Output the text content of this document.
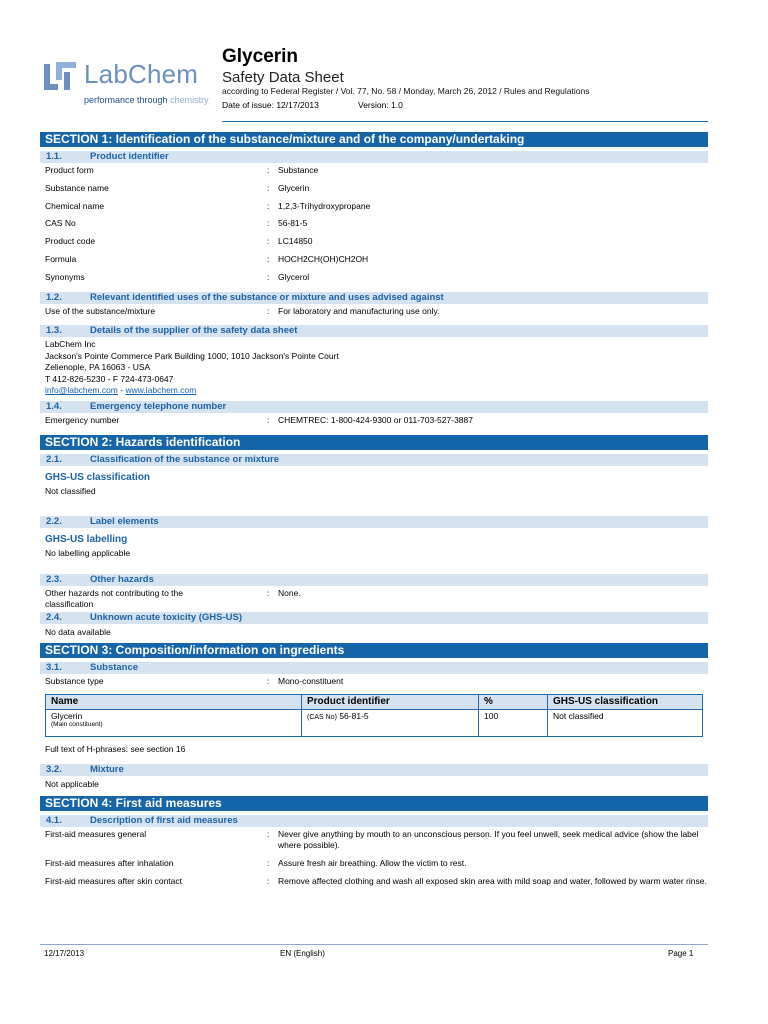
LabChem
performance through chemistry
Glycerin
Safety Data Sheet
according to Federal Register / Vol. 77, No. 58 / Monday, March 26, 2012 / Rules and Regulations
Date of issue: 12/17/2013	Version: 1.0
SECTION 1: Identification of the substance/mixture and of the company/undertaking
1.1.	Product identifier
Product form	: Substance
Substance name	: Glycerin
Chemical name	: 1,2,3-Trihydroxypropane
CAS No	: 56-81-5
Product code	: LC14850
Formula	: HOCH2CH(OH)CH2OH
Synonyms	: Glycerol
1.2.	Relevant identified uses of the substance or mixture and uses advised against
Use of the substance/mixture	: For laboratory and manufacturing use only.
1.3.	Details of the supplier of the safety data sheet
LabChem Inc
Jackson's Pointe Commerce Park Building 1000, 1010 Jackson's Pointe Court
Zelienople, PA 16063 - USA
T 412-826-5230 - F 724-473-0647
info@labchem.com - www.labchem.com
1.4.	Emergency telephone number
Emergency number	: CHEMTREC: 1-800-424-9300 or 011-703-527-3887
SECTION 2: Hazards identification
2.1.	Classification of the substance or mixture
GHS-US classification
Not classified
2.2.	Label elements
GHS-US labelling
No labelling applicable
2.3.	Other hazards
Other hazards not contributing to the classification
: None.
2.4.	Unknown acute toxicity (GHS-US)
No data available
SECTION 3: Composition/information on ingredients
3.1.	Substance
Substance type	: Mono-constituent
Name	Product identifier	%	GHS-US classification
Glycerin
(Main constituent)	(CAS No) 56-81-5	100	Not classified
Full text of H-phrases: see section 16
3.2.	Mixture
Not applicable
SECTION 4: First aid measures
4.1.	Description of first aid measures
First-aid measures general	: Never give anything by mouth to an unconscious person. If you feel unwell, seek medical advice (show the label where possible).
First-aid measures after inhalation	: Assure fresh air breathing. Allow the victim to rest.
First-aid measures after skin contact	: Remove affected clothing and wash all exposed skin area with mild soap and water, followed by warm water rinse.
12/17/2013	EN (English)	Page 1
